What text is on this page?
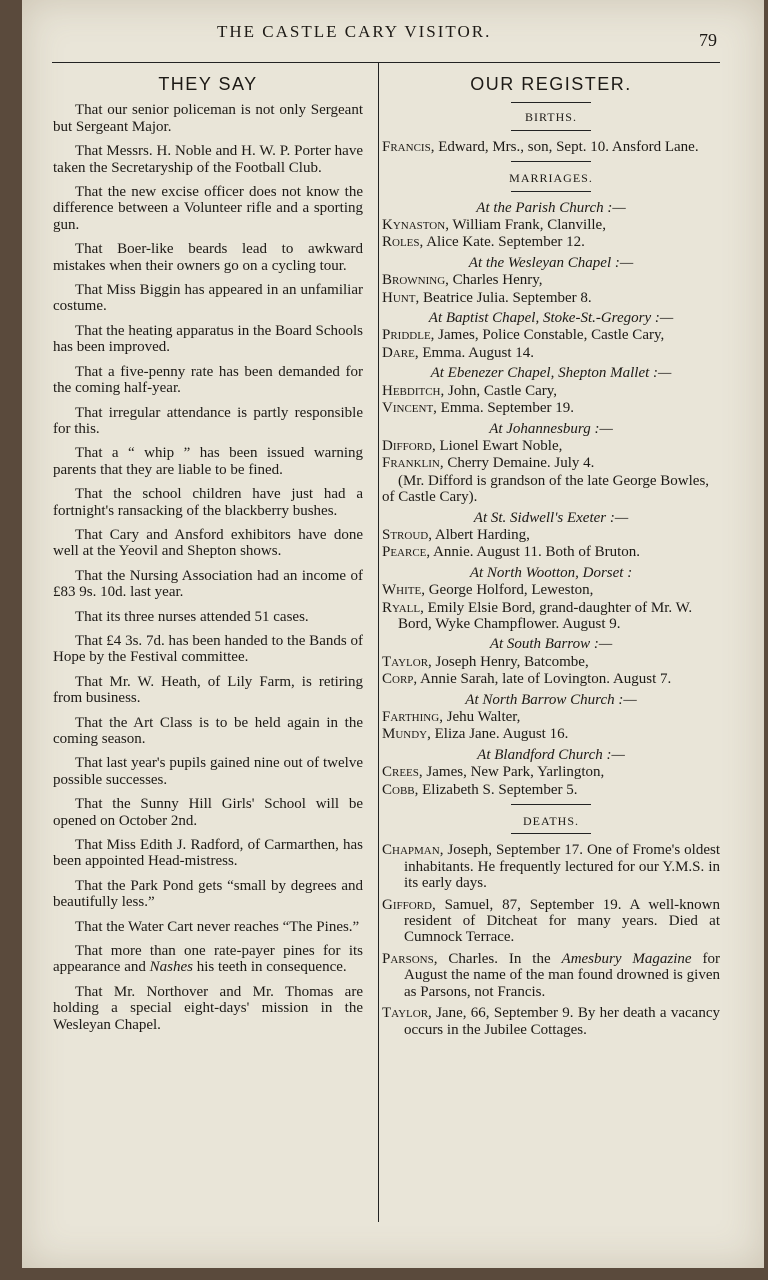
THE CASTLE CARY VISITOR.	79
THEY SAY

That our senior policeman is not only Sergeant but Sergeant Major.

That Messrs. H. Noble and H. W. P. Porter have taken the Secretaryship of the Football Club.

That the new excise officer does not know the difference between a Volunteer rifle and a sporting gun.

That Boer-like beards lead to awkward mistakes when their owners go on a cycling tour.

That Miss Biggin has appeared in an unfamiliar costume.

That the heating apparatus in the Board Schools has been improved.

That a five-penny rate has been demanded for the coming half-year.

That irregular attendance is partly responsible for this.

That a “ whip ” has been issued warning parents that they are liable to be fined.

That the school children have just had a fortnight's ransacking of the blackberry bushes.

That Cary and Ansford exhibitors have done well at the Yeovil and Shepton shows.

That the Nursing Association had an income of £83 9s. 10d. last year.

That its three nurses attended 51 cases.

That £4 3s. 7d. has been handed to the Bands of Hope by the Festival committee.

That Mr. W. Heath, of Lily Farm, is retiring from business.

That the Art Class is to be held again in the coming season.

That last year's pupils gained nine out of twelve possible successes.

That the Sunny Hill Girls' School will be opened on October 2nd.

That Miss Edith J. Radford, of Carmarthen, has been appointed Head-mistress.

That the Park Pond gets “small by degrees and beautifully less.”

That the Water Cart never reaches “The Pines.”

That more than one rate-payer pines for its appearance and Nashes his teeth in consequence.

That Mr. Northover and Mr. Thomas are holding a special eight-days' mission in the Wesleyan Chapel.

OUR REGISTER.
BIRTHS.

Francis, Edward, Mrs., son, Sept. 10. Ansford Lane.

MARRIAGES.
At the Parish Church :—

Kynaston, William Frank, Clanville,

Roles, Alice Kate. September 12.

At the Wesleyan Chapel :—

Browning, Charles Henry,

Hunt, Beatrice Julia. September 8.

At Baptist Chapel, Stoke-St.-Gregory :—

Priddle, James, Police Constable, Castle Cary,

Dare, Emma. August 14.

At Ebenezer Chapel, Shepton Mallet :—

Hebditch, John, Castle Cary,

Vincent, Emma. September 19.

At Johannesburg :—

Difford, Lionel Ewart Noble,

Franklin, Cherry Demaine. July 4.

(Mr. Difford is grandson of the late George Bowles, of Castle Cary).

At St. Sidwell's Exeter :—

Stroud, Albert Harding,

Pearce, Annie. August 11. Both of Bruton.

At North Wootton, Dorset :

White, George Holford, Leweston,

Ryall, Emily Elsie Bord, grand-daughter of Mr. W. Bord, Wyke Champflower. August 9.

At South Barrow :—

Taylor, Joseph Henry, Batcombe,

Corp, Annie Sarah, late of Lovington. August 7.

At North Barrow Church :—

Farthing, Jehu Walter,

Mundy, Eliza Jane. August 16.

At Blandford Church :—

Crees, James, New Park, Yarlington,

Cobb, Elizabeth S. September 5.

DEATHS.

Chapman, Joseph, September 17. One of Frome's oldest inhabitants. He frequently lectured for our Y.M.S. in its early days.

Gifford, Samuel, 87, September 19. A well-known resident of Ditcheat for many years. Died at Cumnock Terrace.

Parsons, Charles. In the Amesbury Magazine for August the name of the man found drowned is given as Parsons, not Francis.

Taylor, Jane, 66, September 9. By her death a vacancy occurs in the Jubilee Cottages.
